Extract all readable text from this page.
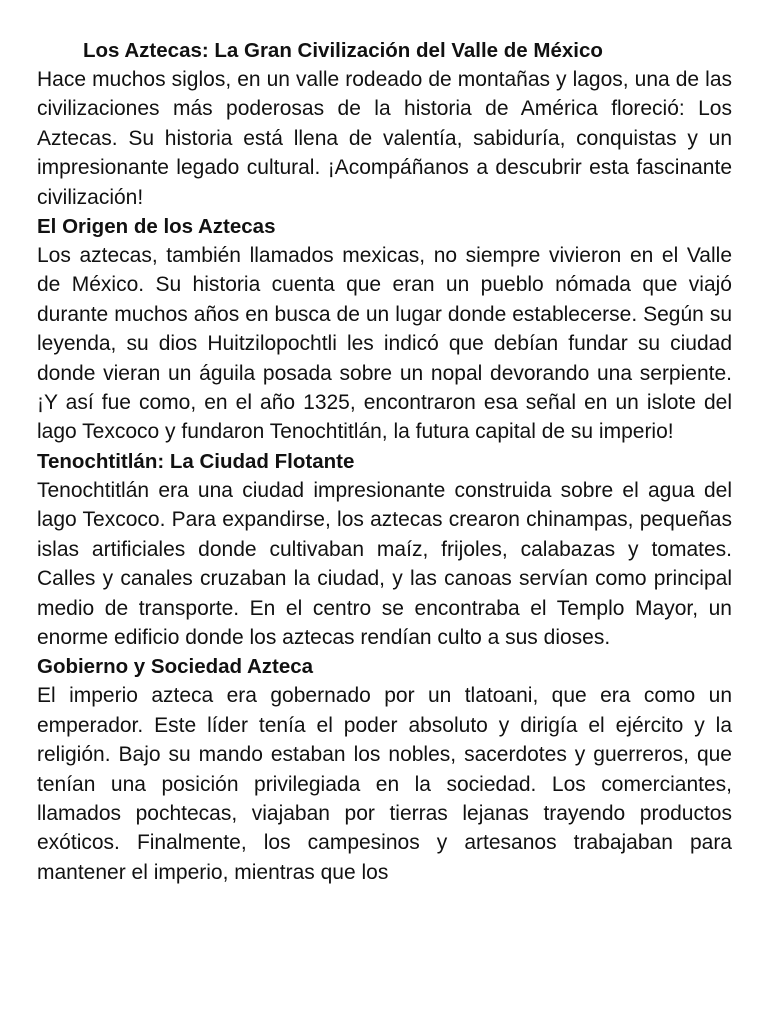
Los Aztecas: La Gran Civilización del Valle de México

Hace muchos siglos, en un valle rodeado de montañas y lagos, una de las civilizaciones más poderosas de la historia de América floreció: Los Aztecas. Su historia está llena de valentía, sabiduría, conquistas y un impresionante legado cultural. ¡Acompáñanos a descubrir esta fascinante civilización!

El Origen de los Aztecas

Los aztecas, también llamados mexicas, no siempre vivieron en el Valle de México. Su historia cuenta que eran un pueblo nómada que viajó durante muchos años en busca de un lugar donde establecerse. Según su leyenda, su dios Huitzilopochtli les indicó que debían fundar su ciudad donde vieran un águila posada sobre un nopal devorando una serpiente. ¡Y así fue como, en el año 1325, encontraron esa señal en un islote del lago Texcoco y fundaron Tenochtitlán, la futura capital de su imperio!

Tenochtitlán: La Ciudad Flotante

Tenochtitlán era una ciudad impresionante construida sobre el agua del lago Texcoco. Para expandirse, los aztecas crearon chinampas, pequeñas islas artificiales donde cultivaban maíz, frijoles, calabazas y tomates. Calles y canales cruzaban la ciudad, y las canoas servían como principal medio de transporte. En el centro se encontraba el Templo Mayor, un enorme edificio donde los aztecas rendían culto a sus dioses.

Gobierno y Sociedad Azteca

El imperio azteca era gobernado por un tlatoani, que era como un emperador. Este líder tenía el poder absoluto y dirigía el ejército y la religión. Bajo su mando estaban los nobles, sacerdotes y guerreros, que tenían una posición privilegiada en la sociedad. Los comerciantes, llamados pochtecas, viajaban por tierras lejanas trayendo productos exóticos. Finalmente, los campesinos y artesanos trabajaban para mantener el imperio, mientras que los
